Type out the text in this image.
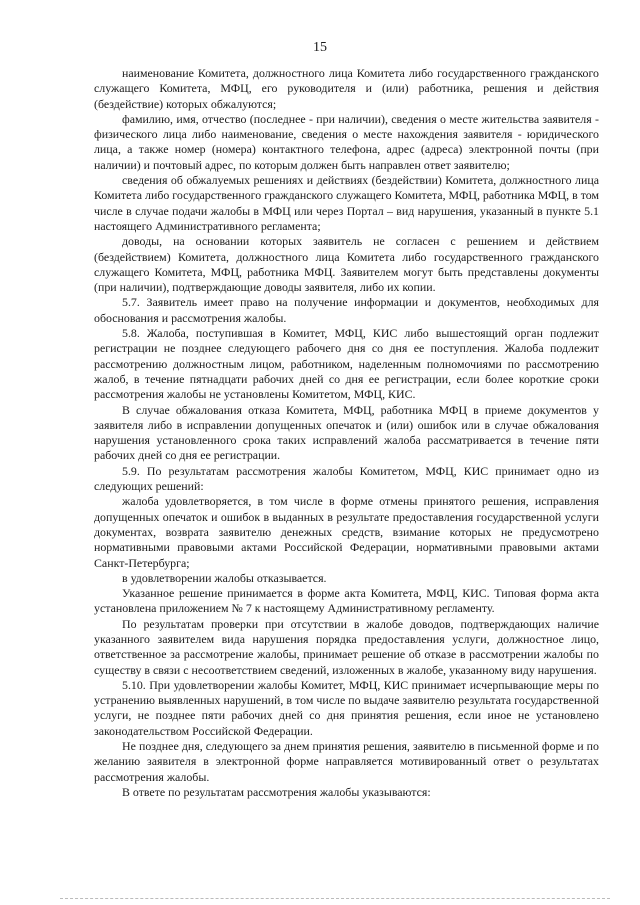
15

наименование Комитета, должностного лица Комитета либо государственного гражданского служащего Комитета, МФЦ, его руководителя и (или) работника, решения и действия (бездействие) которых обжалуются;

фамилию, имя, отчество (последнее - при наличии), сведения о месте жительства заявителя - физического лица либо наименование, сведения о месте нахождения заявителя - юридического лица, а также номер (номера) контактного телефона, адрес (адреса) электронной почты (при наличии) и почтовый адрес, по которым должен быть направлен ответ заявителю;

сведения об обжалуемых решениях и действиях (бездействии) Комитета, должностного лица Комитета либо государственного гражданского служащего Комитета, МФЦ, работника МФЦ, в том числе в случае подачи жалобы в МФЦ или через Портал – вид нарушения, указанный в пункте 5.1 настоящего Административного регламента;

доводы, на основании которых заявитель не согласен с решением и действием (бездействием) Комитета, должностного лица Комитета либо государственного гражданского служащего Комитета, МФЦ, работника МФЦ. Заявителем могут быть представлены документы (при наличии), подтверждающие доводы заявителя, либо их копии.

5.7. Заявитель имеет право на получение информации и документов, необходимых для обоснования и рассмотрения жалобы.

5.8. Жалоба, поступившая в Комитет, МФЦ, КИС либо вышестоящий орган подлежит регистрации не позднее следующего рабочего дня со дня ее поступления. Жалоба подлежит рассмотрению должностным лицом, работником, наделенным полномочиями по рассмотрению жалоб, в течение пятнадцати рабочих дней со дня ее регистрации, если более короткие сроки рассмотрения жалобы не установлены Комитетом, МФЦ, КИС.

В случае обжалования отказа Комитета, МФЦ, работника МФЦ в приеме документов у заявителя либо в исправлении допущенных опечаток и (или) ошибок или в случае обжалования нарушения установленного срока таких исправлений жалоба рассматривается в течение пяти рабочих дней со дня ее регистрации.

5.9. По результатам рассмотрения жалобы Комитетом, МФЦ, КИС принимает одно из следующих решений:

жалоба удовлетворяется, в том числе в форме отмены принятого решения, исправления допущенных опечаток и ошибок в выданных в результате предоставления государственной услуги документах, возврата заявителю денежных средств, взимание которых не предусмотрено нормативными правовыми актами Российской Федерации, нормативными правовыми актами Санкт-Петербурга;

в удовлетворении жалобы отказывается.

Указанное решение принимается в форме акта Комитета, МФЦ, КИС. Типовая форма акта установлена приложением № 7 к настоящему Административному регламенту.

По результатам проверки при отсутствии в жалобе доводов, подтверждающих наличие указанного заявителем вида нарушения порядка предоставления услуги, должностное лицо, ответственное за рассмотрение жалобы, принимает решение об отказе в рассмотрении жалобы по существу в связи с несоответствием сведений, изложенных в жалобе, указанному виду нарушения.

5.10. При удовлетворении жалобы Комитет, МФЦ, КИС принимает исчерпывающие меры по устранению выявленных нарушений, в том числе по выдаче заявителю результата государственной услуги, не позднее пяти рабочих дней со дня принятия решения, если иное не установлено законодательством Российской Федерации.

Не позднее дня, следующего за днем принятия решения, заявителю в письменной форме и по желанию заявителя в электронной форме направляется мотивированный ответ о результатах рассмотрения жалобы.

В ответе по результатам рассмотрения жалобы указываются:
